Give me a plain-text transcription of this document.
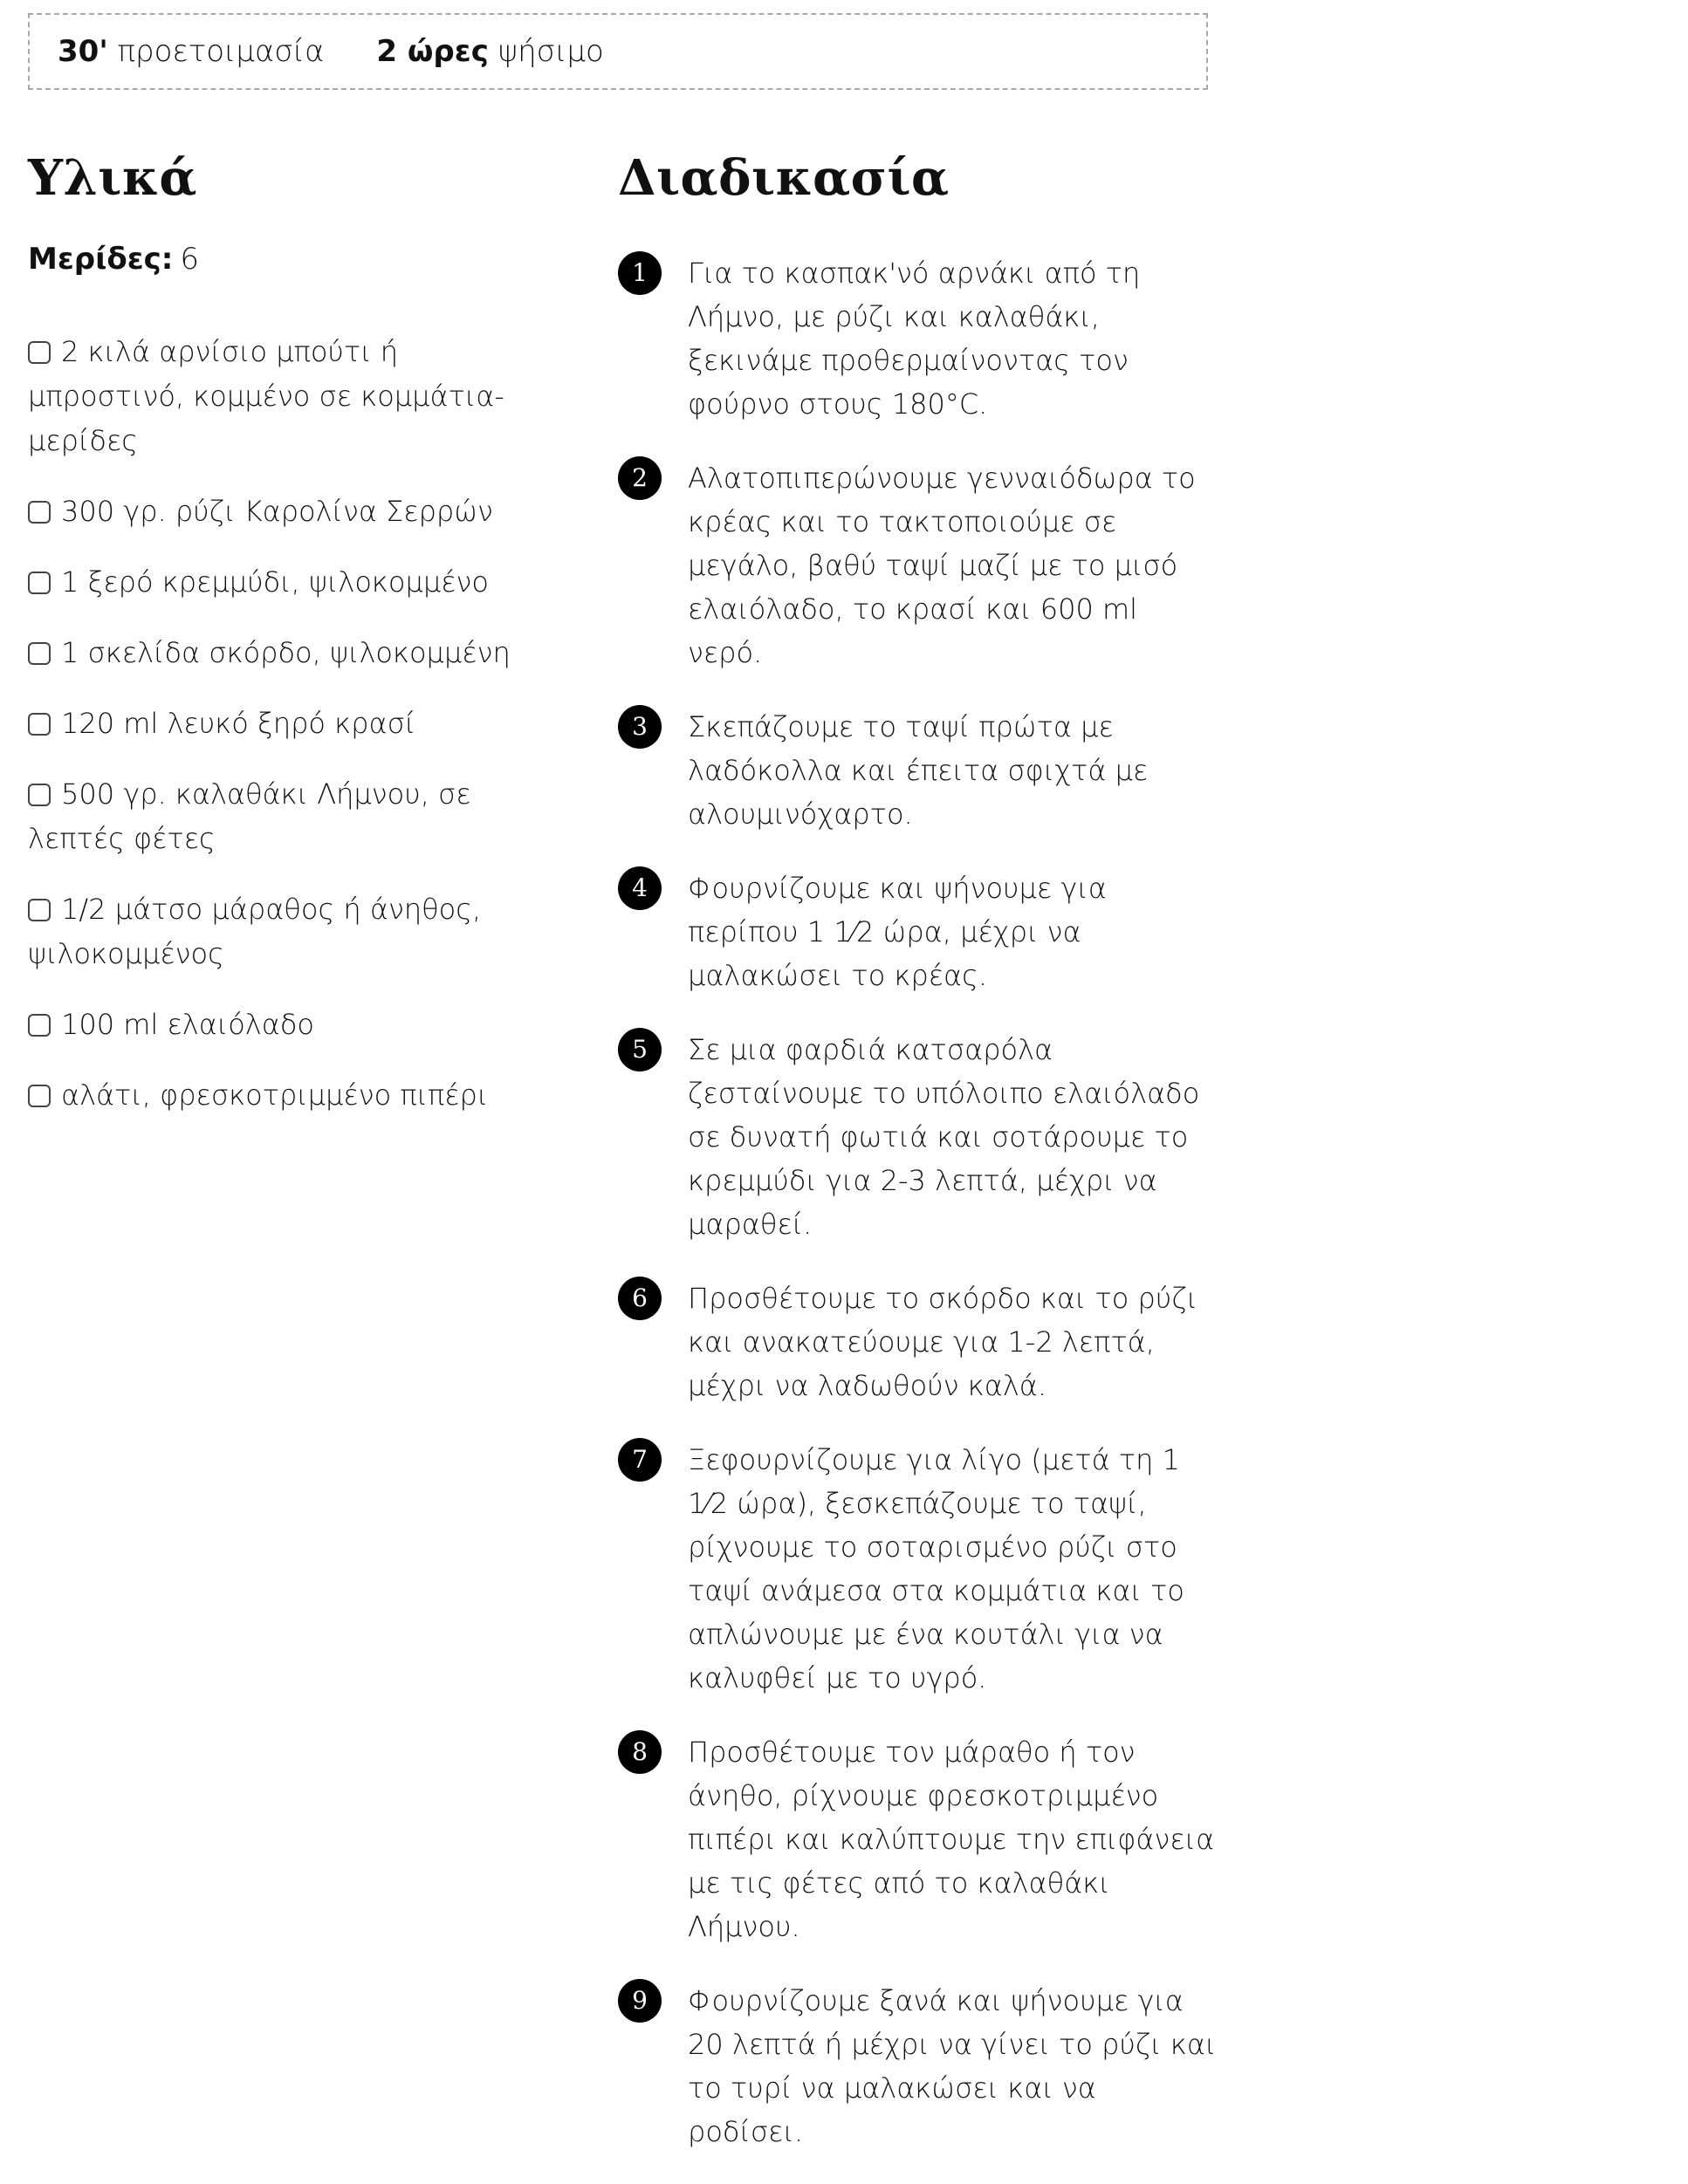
30' προετοιμασία 2 ώρες ψήσιμο
Υλικά
Μερίδες: 6
2 κιλά αρνίσιο μπούτι ή μπροστινό, κομμένο σε κομμάτια-μερίδες
300 γρ. ρύζι Καρολίνα Σερρών
1 ξερό κρεμμύδι, ψιλοκομμένο
1 σκελίδα σκόρδο, ψιλοκομμένη
120 ml λευκό ξηρό κρασί
500 γρ. καλαθάκι Λήμνου, σε λεπτές φέτες
1/2 μάτσο μάραθος ή άνηθος, ψιλοκομμένος
100 ml ελαιόλαδο
αλάτι, φρεσκοτριμμένο πιπέρι
Διαδικασία
1	Για το κασπακ'νό αρνάκι από τη Λήμνο, με ρύζι και καλαθάκι, ξεκινάμε προθερμαίνοντας τον φούρνο στους 180°C.
2	Αλατοπιπερώνουμε γενναιόδωρα το κρέας και το τακτοποιούμε σε μεγάλο, βαθύ ταψί μαζί με το μισό ελαιόλαδο, το κρασί και 600 ml νερό.
3	Σκεπάζουμε το ταψί πρώτα με λαδόκολλα και έπειτα σφιχτά με αλουμινόχαρτο.
4	Φουρνίζουμε και ψήνουμε για περίπου 1 1⁄2 ώρα, μέχρι να μαλακώσει το κρέας.
5	Σε μια φαρδιά κατσαρόλα ζεσταίνουμε το υπόλοιπο ελαιόλαδο σε δυνατή φωτιά και σοτάρουμε το κρεμμύδι για 2-3 λεπτά, μέχρι να μαραθεί.
6	Προσθέτουμε το σκόρδο και το ρύζι και ανακατεύουμε για 1-2 λεπτά, μέχρι να λαδωθούν καλά.
7	Ξεφουρνίζουμε για λίγο (μετά τη 1 1⁄2 ώρα), ξεσκεπάζουμε το ταψί, ρίχνουμε το σοταρισμένο ρύζι στο ταψί ανάμεσα στα κομμάτια και το απλώνουμε με ένα κουτάλι για να καλυφθεί με το υγρό.
8	Προσθέτουμε τον μάραθο ή τον άνηθο, ρίχνουμε φρεσκοτριμμένο πιπέρι και καλύπτουμε την επιφάνεια με τις φέτες από το καλαθάκι Λήμνου.
9	Φουρνίζουμε ξανά και ψήνουμε για 20 λεπτά ή μέχρι να γίνει το ρύζι και το τυρί να μαλακώσει και να ροδίσει.
